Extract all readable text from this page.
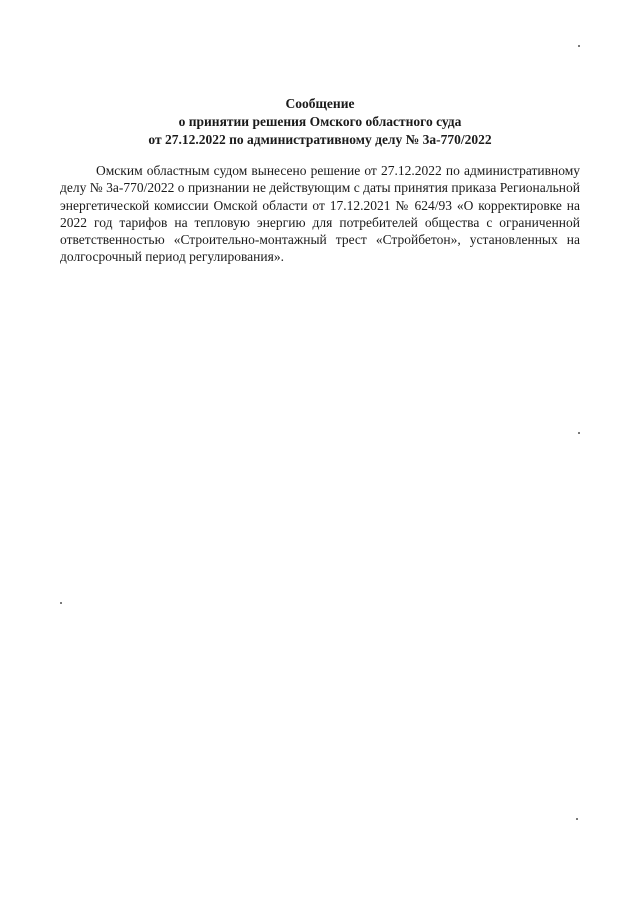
Сообщение
о принятии решения Омского областного суда
от 27.12.2022 по административному делу № 3а-770/2022

Омским областным судом вынесено решение от 27.12.2022 по административному делу № 3а-770/2022 о признании не действующим с даты принятия приказа Региональной энергетической комиссии Омской области от 17.12.2021 № 624/93 «О корректировке на 2022 год тарифов на тепловую энергию для потребителей общества с ограниченной ответственностью «Строительно-монтажный трест «Стройбетон», установленных на долгосрочный период регулирования».
